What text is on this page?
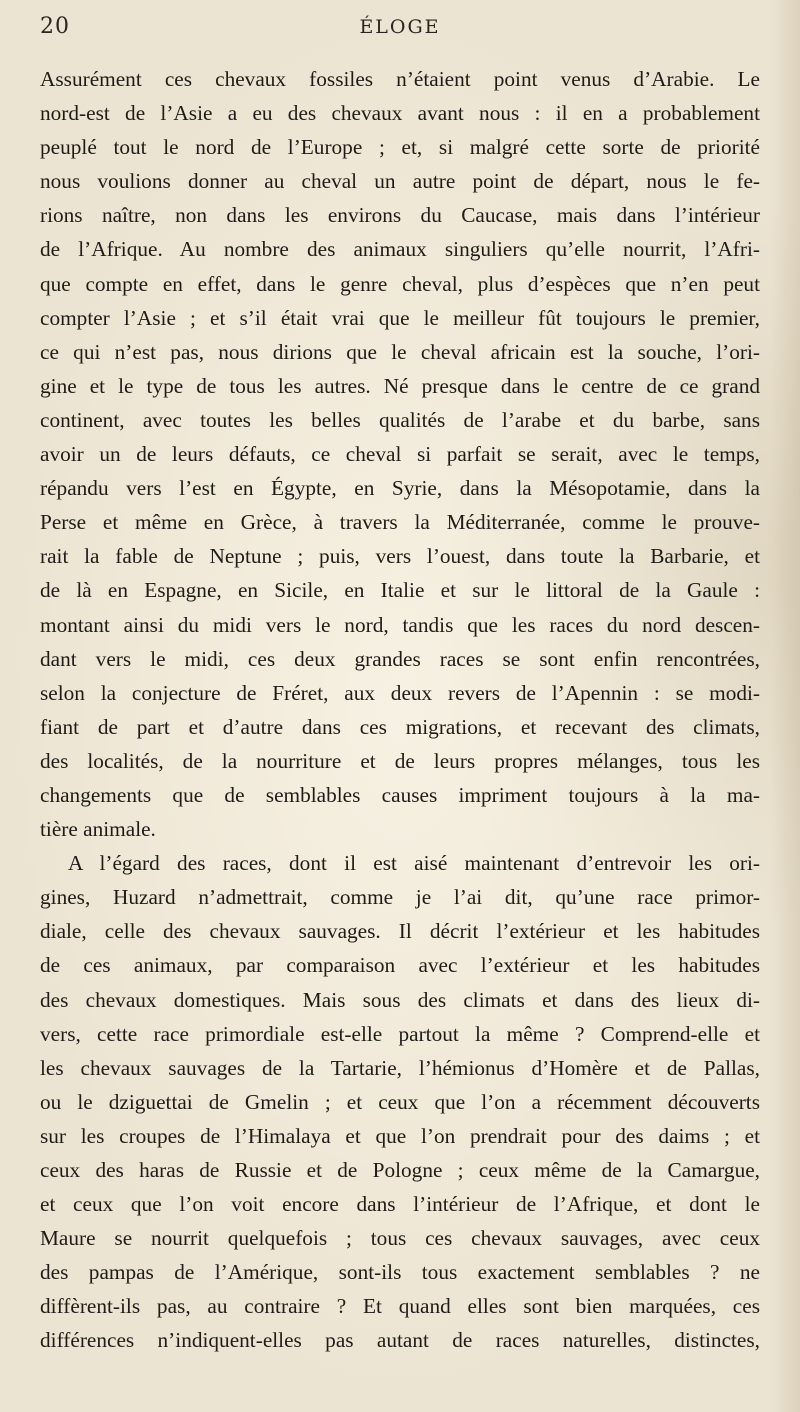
20	ÉLOGE
Assurément ces chevaux fossiles n’étaient point venus d’Arabie. Le
nord-est de l’Asie a eu des chevaux avant nous : il en a probablement
peuplé tout le nord de l’Europe ; et, si malgré cette sorte de priorité
nous voulions donner au cheval un autre point de départ, nous le fe-
rions naître, non dans les environs du Caucase, mais dans l’intérieur
de l’Afrique. Au nombre des animaux singuliers qu’elle nourrit, l’Afri-
que compte en effet, dans le genre cheval, plus d’espèces que n’en peut
compter l’Asie ; et s’il était vrai que le meilleur fût toujours le premier,
ce qui n’est pas, nous dirions que le cheval africain est la souche, l’ori-
gine et le type de tous les autres. Né presque dans le centre de ce grand
continent, avec toutes les belles qualités de l’arabe et du barbe, sans
avoir un de leurs défauts, ce cheval si parfait se serait, avec le temps,
répandu vers l’est en Égypte, en Syrie, dans la Mésopotamie, dans la
Perse et même en Grèce, à travers la Méditerranée, comme le prouve-
rait la fable de Neptune ; puis, vers l’ouest, dans toute la Barbarie, et
de là en Espagne, en Sicile, en Italie et sur le littoral de la Gaule :
montant ainsi du midi vers le nord, tandis que les races du nord descen-
dant vers le midi, ces deux grandes races se sont enfin rencontrées,
selon la conjecture de Fréret, aux deux revers de l’Apennin : se modi-
fiant de part et d’autre dans ces migrations, et recevant des climats,
des localités, de la nourriture et de leurs propres mélanges, tous les
changements que de semblables causes impriment toujours à la ma-
tière animale.
A l’égard des races, dont il est aisé maintenant d’entrevoir les ori-
gines, Huzard n’admettrait, comme je l’ai dit, qu’une race primor-
diale, celle des chevaux sauvages. Il décrit l’extérieur et les habitudes
de ces animaux, par comparaison avec l’extérieur et les habitudes
des chevaux domestiques. Mais sous des climats et dans des lieux di-
vers, cette race primordiale est-elle partout la même ? Comprend-elle et
les chevaux sauvages de la Tartarie, l’hémionus d’Homère et de Pallas,
ou le dziguettai de Gmelin ; et ceux que l’on a récemment découverts
sur les croupes de l’Himalaya et que l’on prendrait pour des daims ; et
ceux des haras de Russie et de Pologne ; ceux même de la Camargue,
et ceux que l’on voit encore dans l’intérieur de l’Afrique, et dont le
Maure se nourrit quelquefois ; tous ces chevaux sauvages, avec ceux
des pampas de l’Amérique, sont-ils tous exactement semblables ? ne
diffèrent-ils pas, au contraire ? Et quand elles sont bien marquées, ces
différences n’indiquent-elles pas autant de races naturelles, distinctes,
